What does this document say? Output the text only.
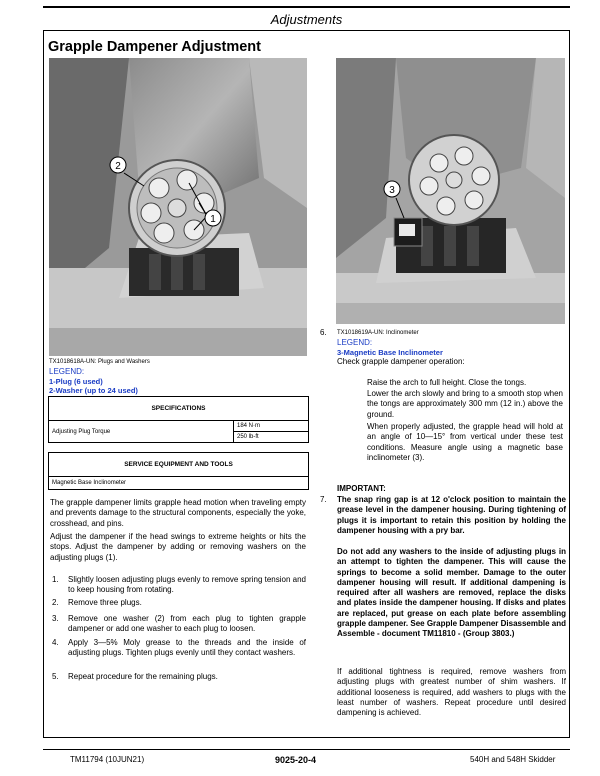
Adjustments
Grapple Dampener Adjustment
2
1
TX1018618A-UN: Plugs and Washers
LEGEND:
1-Plug (6 used)
2-Washer (up to 24 used)
SPECIFICATIONS
Adjusting Plug Torque	184 N·m
250 lb-ft
SERVICE EQUIPMENT AND TOOLS
Magnetic Base Inclinometer
The grapple dampener limits grapple head motion when traveling empty and prevents damage to the structural components, especially the yoke, crosshead, and pins.
Adjust the dampener if the head swings to extreme heights or hits the stops. Adjust the dampener by adding or removing washers on the adjusting plugs (1).
1. Slightly loosen adjusting plugs evenly to remove spring tension and to keep housing from rotating.
2. Remove three plugs.
3. Remove one washer (2) from each plug to tighten grapple dampener or add one washer to each plug to loosen.
4. Apply 3—5% Moly grease to the threads and the inside of adjusting plugs. Tighten plugs evenly until they contact washers.
5. Repeat procedure for the remaining plugs.
3
6. TX1018619A-UN: Inclinometer
LEGEND:
3-Magnetic Base Inclinometer
Check grapple dampener operation:
Raise the arch to full height. Close the tongs.
Lower the arch slowly and bring to a smooth stop when the tongs are approximately 300 mm (12 in.) above the ground.
When properly adjusted, the grapple head will hold at an angle of 10—15° from vertical under these test conditions. Measure angle using a magnetic base inclinometer (3).
IMPORTANT:
7. The snap ring gap is at 12 o'clock position to maintain the grease level in the dampener housing. During tightening of plugs it is important to retain this position by holding the dampener housing with a pry bar.
Do not add any washers to the inside of adjusting plugs in an attempt to tighten the dampener. This will cause the springs to become a solid member. Damage to the outer dampener housing will result. If additional dampening is required after all washers are removed, replace the disks and plates inside the dampener housing. If disks and plates are replaced, put grease on each plate before assembling grapple dampener. See Grapple Dampener Disassemble and Assemble - document TM11810 - (Group 3803.)
If additional tightness is required, remove washers from adjusting plugs with greatest number of shim washers. If additional looseness is required, add washers to plugs with the least number of washers. Repeat procedure until desired dampening is achieved.
TM11794 (10JUN21)	9025-20-4	540H and 548H Skidder
